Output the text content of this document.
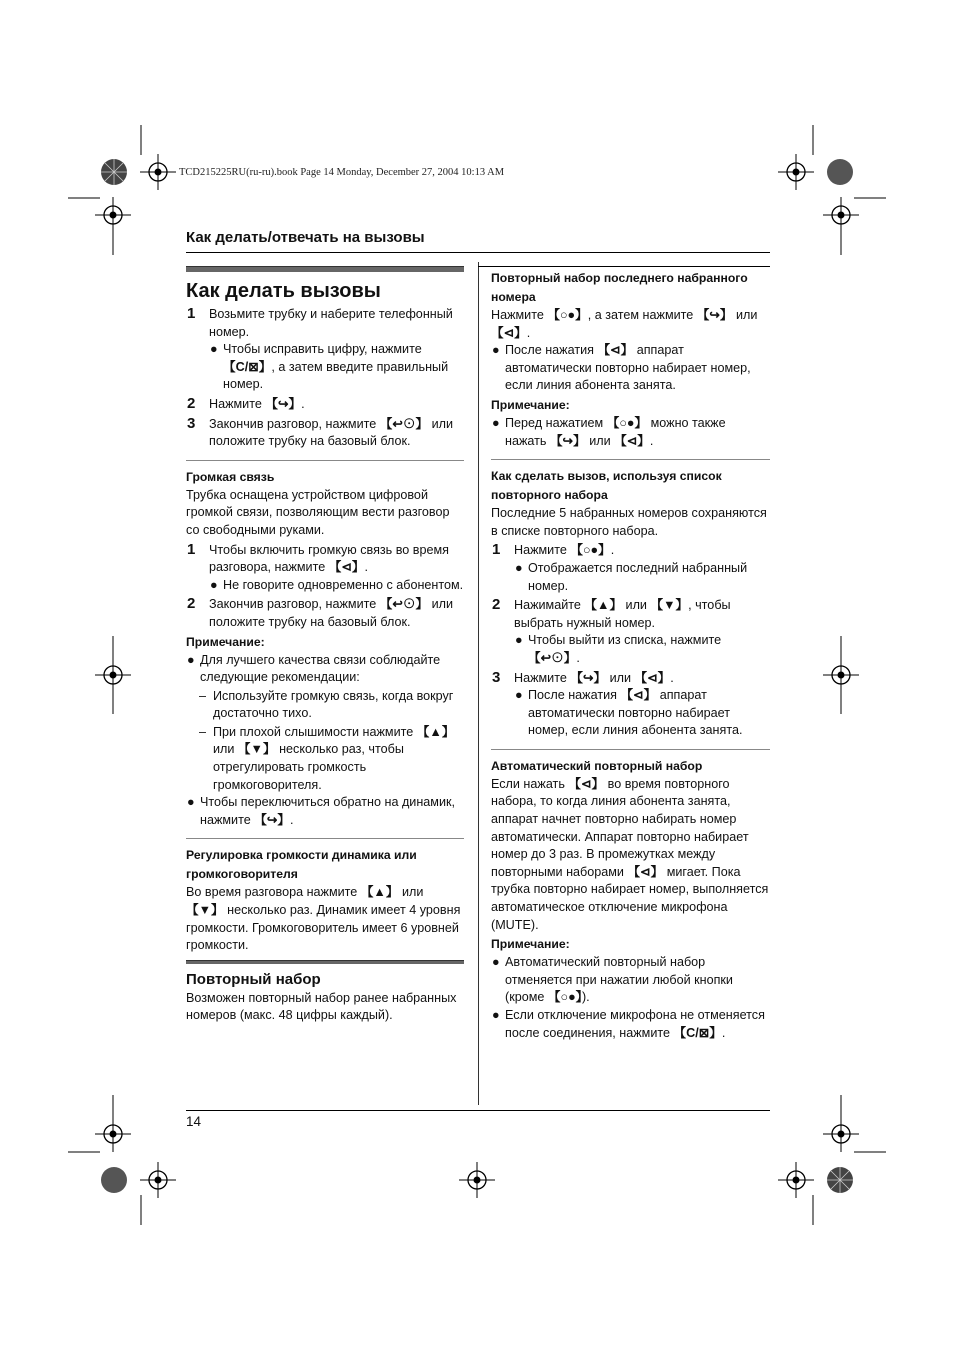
TCD215225RU(ru-ru).book Page 14 Monday, December 27, 2004 10:13 AM
Как делать/отвечать на вызовы

Как делать вызовы

1 Возьмите трубку и наберите телефонный номер.
● Чтобы исправить цифру, нажмите 【C/⊠】, а затем введите правильный номер.
2 Нажмите 【↪】.
3 Закончив разговор, нажмите 【↩⊙】 или положите трубку на базовый блок.
Громкая связь

Трубка оснащена устройством цифровой громкой связи, позволяющим вести разговор со свободными руками.

1 Чтобы включить громкую связь во время разговора, нажмите 【⊲】.
● Не говорите одновременно с абонентом.
2 Закончив разговор, нажмите 【↩⊙】 или положите трубку на базовый блок.
Примечание:
● Для лучшего качества связи соблюдайте следующие рекомендации:
– Используйте громкую связь, когда вокруг достаточно тихо.
– При плохой слышимости нажмите 【▲】 или 【▼】 несколько раз, чтобы отрегулировать громкость громкоговорителя.
● Чтобы переключиться обратно на динамик, нажмите 【↪】.
Регулировка громкости динамика или громкоговорителя

Во время разговора нажмите 【▲】 или 【▼】 несколько раз. Динамик имеет 4 уровня громкости. Громкоговоритель имеет 6 уровней громкости.

Повторный набор

Возможен повторный набор ранее набранных номеров (макс. 48 цифры каждый).

Повторный набор последнего набранного номера

Нажмите 【○●】, а затем нажмите 【↪】 или 【⊲】.

● После нажатия 【⊲】 аппарат автоматически повторно набирает номер, если линия абонента занята.
Примечание:
● Перед нажатием 【○●】 можно также нажать 【↪】 или 【⊲】.
Как сделать вызов, используя список повторного набора

Последние 5 набранных номеров сохраняются в списке повторного набора.

1 Нажмите 【○●】.
● Отображается последний набранный номер.
2 Нажимайте 【▲】 или 【▼】, чтобы выбрать нужный номер.
● Чтобы выйти из списка, нажмите 【↩⊙】.
3 Нажмите 【↪】 или 【⊲】.
● После нажатия 【⊲】 аппарат автоматически повторно набирает номер, если линия абонента занята.
Автоматический повторный набор

Если нажать 【⊲】 во время повторного набора, то когда линия абонента занята, аппарат начнет повторно набирать номер автоматически. Аппарат повторно набирает номер до 3 раз. В промежутках между повторными наборами 【⊲】 мигает. Пока трубка повторно набирает номер, выполняется автоматическое отключение микрофона (MUTE).

Примечание:
● Автоматический повторный набор отменяется при нажатии любой кнопки (кроме 【○●】).
● Если отключение микрофона не отменяется после соединения, нажмите 【C/⊠】.
14
